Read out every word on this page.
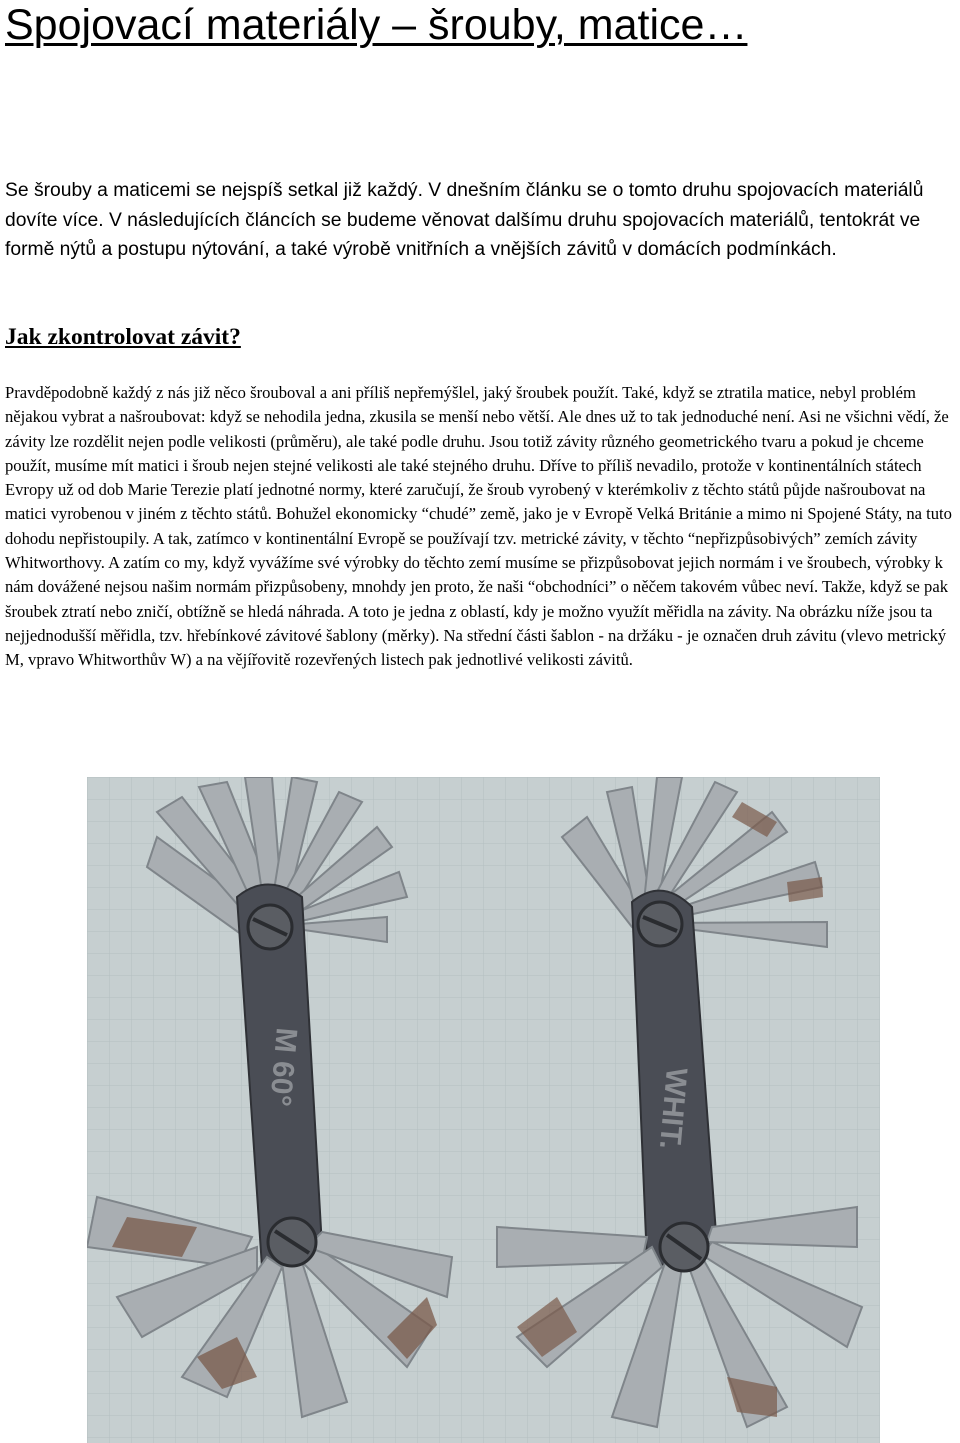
Spojovací materiály – šrouby, matice…

Se šrouby a maticemi se nejspíš setkal již každý. V dnešním článku se o tomto druhu spojovacích materiálů dovíte více. V následujících článcích se budeme věnovat dalšímu druhu spojovacích materiálů, tentokrát ve formě nýtů a postupu nýtování, a také výrobě vnitřních a vnějších závitů v domácích podmínkách.

Jak zkontrolovat závit?

Pravděpodobně každý z nás již něco šrouboval a ani příliš nepřemýšlel, jaký šroubek použít. Také, když se ztratila matice, nebyl problém nějakou vybrat a našroubovat: když se nehodila jedna, zkusila se menší nebo větší. Ale dnes už to tak jednoduché není. Asi ne všichni vědí, že závity lze rozdělit nejen podle velikosti (průměru), ale také podle druhu. Jsou totiž závity různého geometrického tvaru a pokud je chceme použít, musíme mít matici i šroub nejen stejné velikosti ale také stejného druhu. Dříve to příliš nevadilo, protože v kontinentálních státech Evropy už od dob Marie Terezie platí jednotné normy, které zaručují, že šroub vyrobený v kterémkoliv z těchto států půjde našroubovat na matici vyrobenou v jiném z těchto států. Bohužel ekonomicky “chudé” země, jako je v Evropě Velká Británie a mimo ni Spojené Státy, na tuto dohodu nepřistoupily. A tak, zatímco v kontinentální Evropě se používají tzv. metrické závity, v těchto “nepřizpůsobivých” zemích závity Whitworthovy. A zatím co my, když vyvážíme své výrobky do těchto zemí musíme se přizpůsobovat jejich normám i ve šroubech, výrobky k nám dovážené nejsou našim normám přizpůsobeny, mnohdy jen proto, že naši “obchodníci” o něčem takovém vůbec neví. Takže, když se pak šroubek ztratí nebo zničí, obtížně se hledá náhrada. A toto je jedna z oblastí, kdy je možno využít měřidla na závity. Na obrázku níže jsou ta nejjednodušší měřidla, tzv. hřebínkové závitové šablony (měrky). Na střední části šablon - na držáku - je označen druh závitu (vlevo metrický M, vpravo Whitworthův W) a na vějířovitě rozevřených listech pak jednotlivé velikosti závitů.

M 60°	WHIT.
